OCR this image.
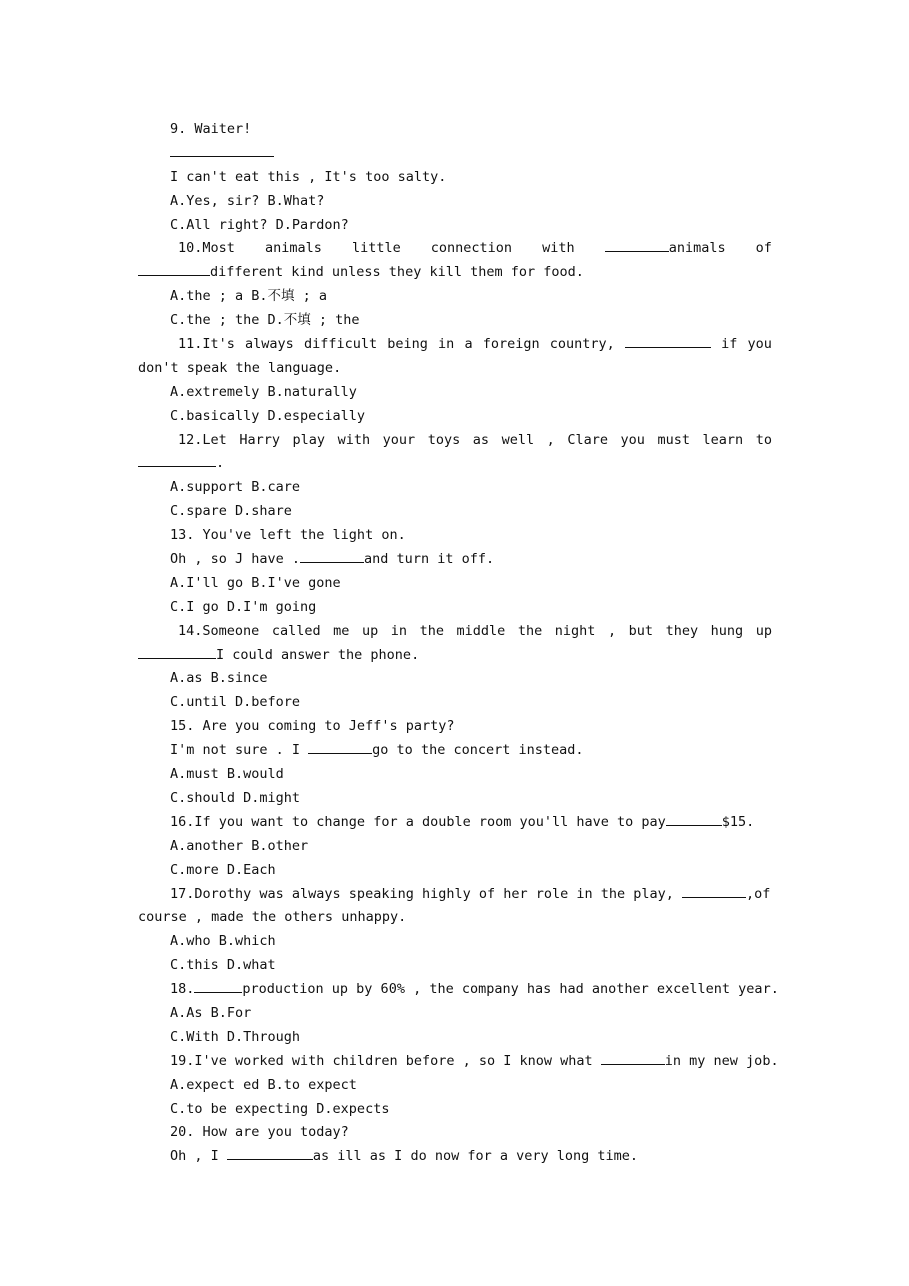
9. Waiter!
I can't eat this , It's too salty.
A.Yes, sir? B.What?
C.All right? D.Pardon?
10.Most animals little connection with	animals of
different kind unless they kill them for food.
A.the ; a B.不填 ; a
C.the ; the D.不填 ; the
11.It's always difficult being in a foreign country,	if you
don't speak the language.
A.extremely B.naturally
C.basically D.especially
12.Let Harry play with your toys as well , Clare you must learn to
.
A.support B.care
C.spare D.share
13. You've left the light on.
Oh , so J have .	and turn it off.
A.I'll go B.I've gone
C.I go D.I'm going
14.Someone called me up in the middle the night , but they hung up
I could answer the phone.
A.as B.since
C.until D.before
15. Are you coming to Jeff's party?
I'm not sure . I	go to the concert instead.
A.must B.would
C.should D.might
16.If you want to change for a double room you'll have to pay	$15.
A.another B.other
C.more D.Each
17.Dorothy was always speaking highly of her role in the play,	,of
course , made the others unhappy.
A.who B.which
C.this D.what
18.	production up by 60% , the company has had another excellent year.
A.As B.For
C.With D.Through
19.I've worked with children before , so I know what	in my new job.
A.expect ed B.to expect
C.to be expecting D.expects
20. How are you today?
Oh , I	as ill as I do now for a very long time.
